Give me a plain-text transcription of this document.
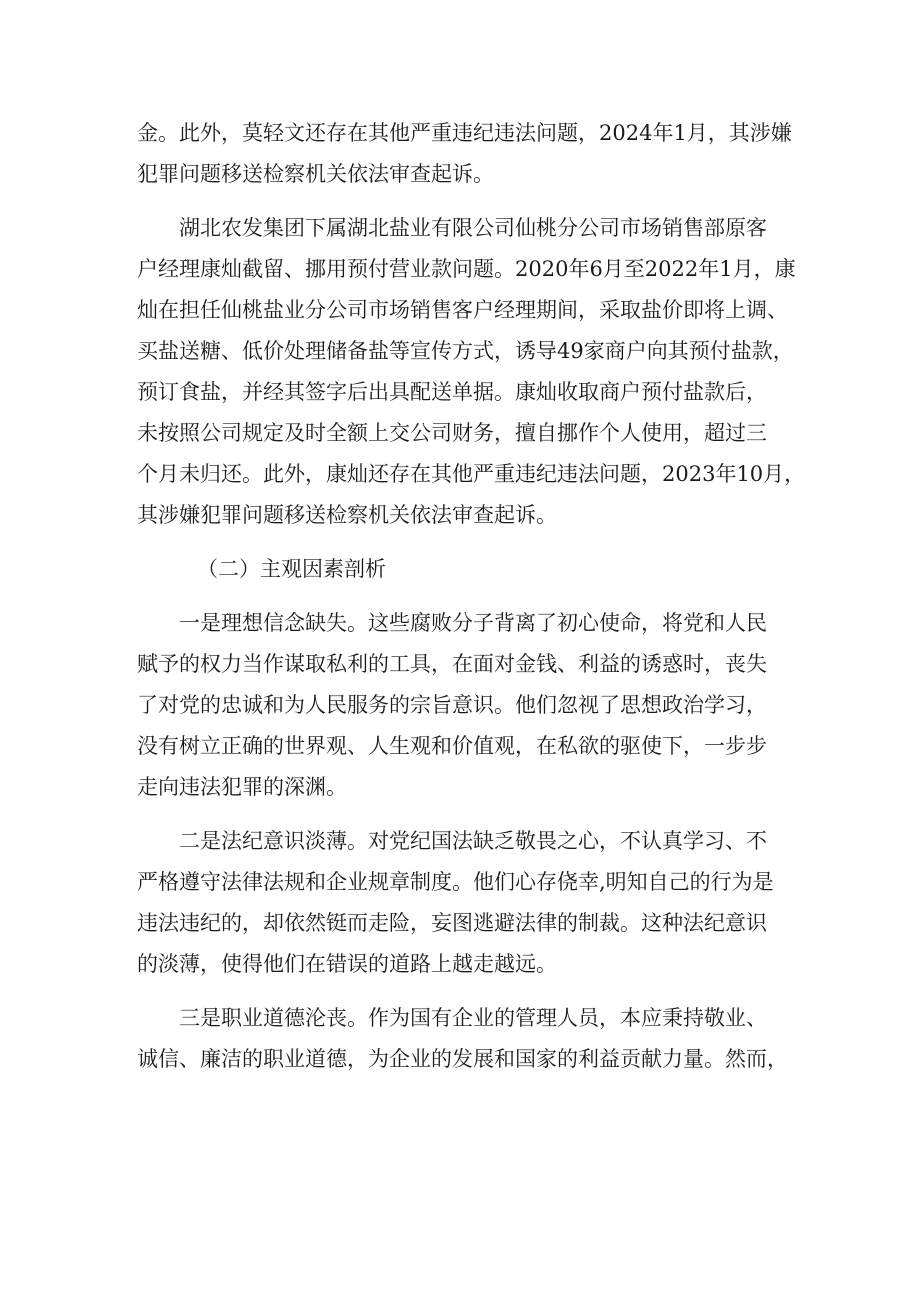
金。此外，莫轻文还存在其他严重违纪违法问题，2024年1月，其涉嫌
犯罪问题移送检察机关依法审查起诉。
湖北农发集团下属湖北盐业有限公司仙桃分公司市场销售部原客
户经理康灿截留、挪用预付营业款问题。2020年6月至2022年1月，康
灿在担任仙桃盐业分公司市场销售客户经理期间，采取盐价即将上调、
买盐送糖、低价处理储备盐等宣传方式，诱导49家商户向其预付盐款，
预订食盐，并经其签字后出具配送单据。康灿收取商户预付盐款后，
未按照公司规定及时全额上交公司财务，擅自挪作个人使用，超过三
个月未归还。此外，康灿还存在其他严重违纪违法问题，2023年10月，
其涉嫌犯罪问题移送检察机关依法审查起诉。
（二）主观因素剖析
一是理想信念缺失。这些腐败分子背离了初心使命，将党和人民
赋予的权力当作谋取私利的工具，在面对金钱、利益的诱惑时，丧失
了对党的忠诚和为人民服务的宗旨意识。他们忽视了思想政治学习，
没有树立正确的世界观、人生观和价值观，在私欲的驱使下，一步步
走向违法犯罪的深渊。
二是法纪意识淡薄。对党纪国法缺乏敬畏之心，不认真学习、不
严格遵守法律法规和企业规章制度。他们心存侥幸,明知自己的行为是
违法违纪的，却依然铤而走险，妄图逃避法律的制裁。这种法纪意识
的淡薄，使得他们在错误的道路上越走越远。
三是职业道德沦丧。作为国有企业的管理人员，本应秉持敬业、
诚信、廉洁的职业道德，为企业的发展和国家的利益贡献力量。然而，
